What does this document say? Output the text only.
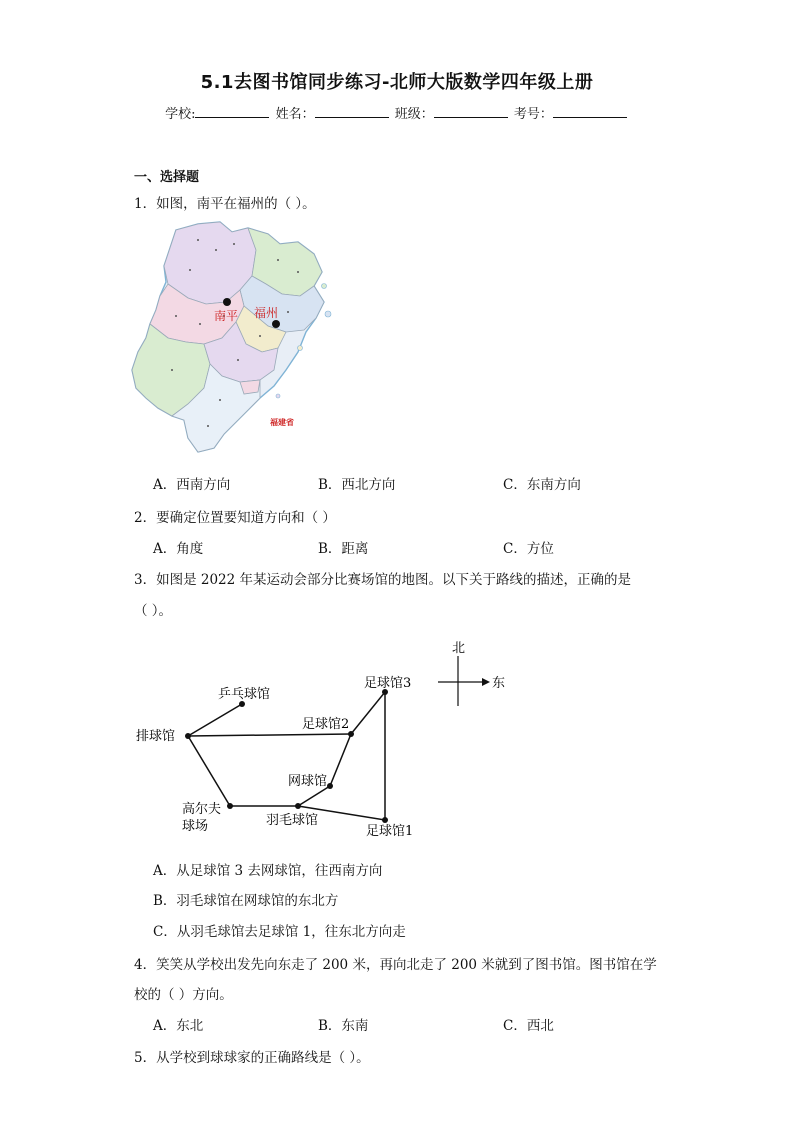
5.1去图书馆同步练习-北师大版数学四年级上册
学校:	姓名：	班级：	考号：
一、选择题
1．如图，南平在福州的（ ）。
南平 福州
福建省
A．西南方向	B．西北方向	C．东南方向
2．要确定位置要知道方向和（ ）
A．角度	B．距离	C．方位
3．如图是 2022 年某运动会部分比赛场馆的地图。以下关于路线的描述，正确的是
（ ）。
北
东
乒乓球馆
排球馆
足球馆2
足球馆3
网球馆
高尔夫
球场	羽毛球馆
足球馆1
A．从足球馆 3 去网球馆，往西南方向
B．羽毛球馆在网球馆的东北方
C．从羽毛球馆去足球馆 1，往东北方向走
4．笑笑从学校出发先向东走了 200 米，再向北走了 200 米就到了图书馆。图书馆在学
校的（ ）方向。
A．东北	B．东南	C．西北
5．从学校到球球家的正确路线是（ ）。
